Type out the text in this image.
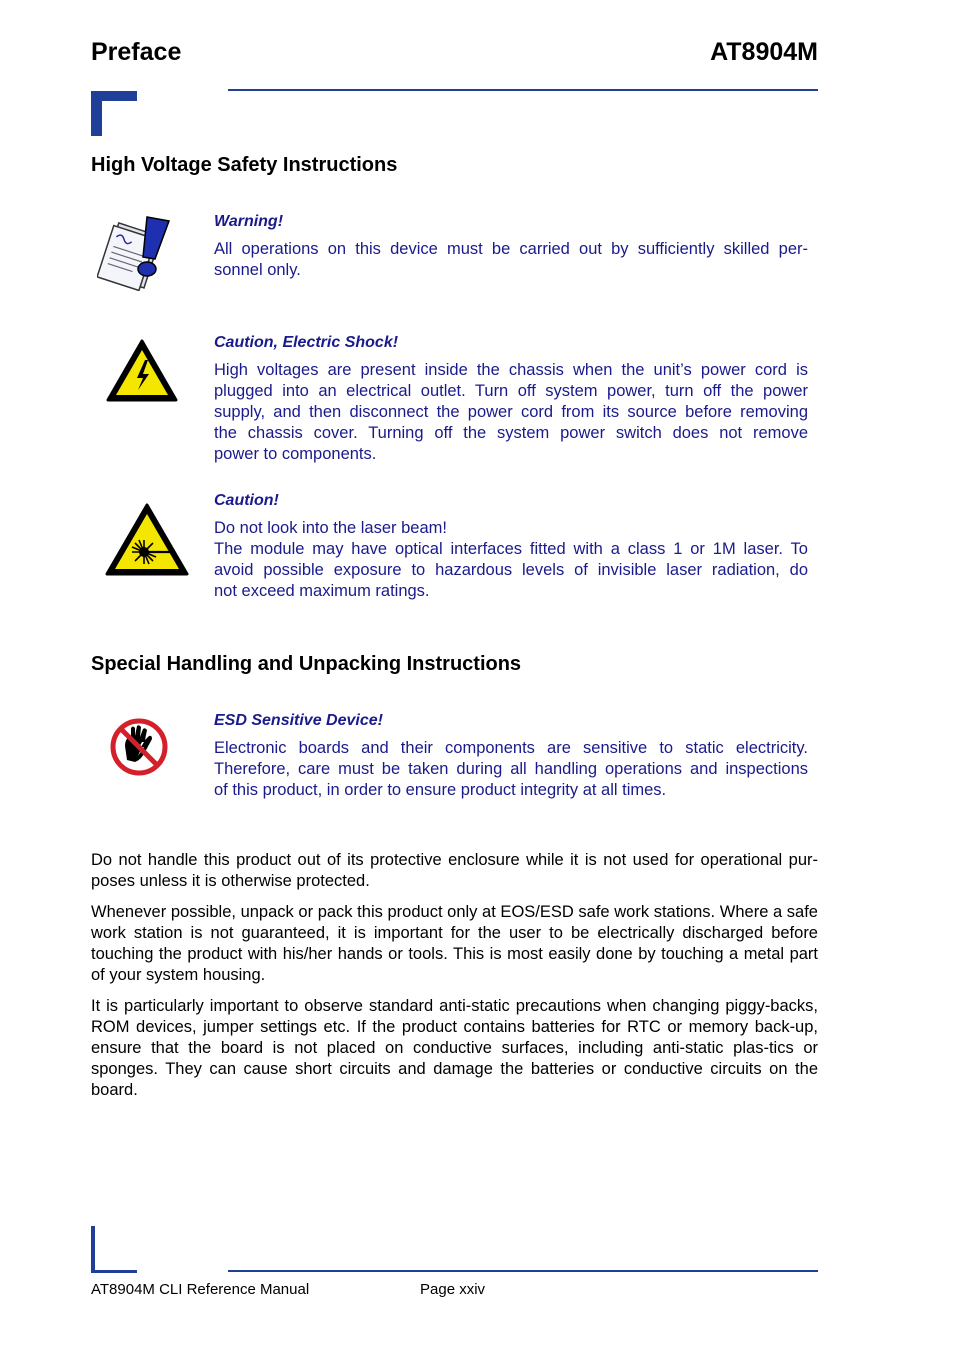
Preface	AT8904M
High Voltage Safety Instructions

Warning!

All operations on this device must be carried out by sufficiently skilled per-
sonnel only.

Caution, Electric Shock!

High voltages are present inside the chassis when the unit’s power cord is
plugged into an electrical outlet. Turn off system power, turn off the power
supply, and then disconnect the power cord from its source before removing
the chassis cover. Turning off the system power switch does not remove
power to components.

Caution!

Do not look into the laser beam!
The module may have optical interfaces fitted with a class 1 or 1M laser. To
avoid possible exposure to hazardous levels of invisible laser radiation, do
not exceed maximum ratings.

Special Handling and Unpacking Instructions

ESD Sensitive Device!

Electronic boards and their components are sensitive to static electricity.
Therefore, care must be taken during all handling operations and inspections
of this product, in order to ensure product integrity at all times.

Do not handle this product out of its protective enclosure while it is not used for operational pur-poses unless it is otherwise protected.

Whenever possible, unpack or pack this product only at EOS/ESD safe work stations. Where a safe work station is not guaranteed, it is important for the user to be electrically discharged before touching the product with his/her hands or tools. This is most easily done by touching a metal part of your system housing.

It is particularly important to observe standard anti-static precautions when changing piggy-backs, ROM devices, jumper settings etc. If the product contains batteries for RTC or memory back-up, ensure that the board is not placed on conductive surfaces, including anti-static plas-tics or sponges. They can cause short circuits and damage the batteries or conductive circuits on the board.

AT8904M CLI Reference Manual	Page xxiv
